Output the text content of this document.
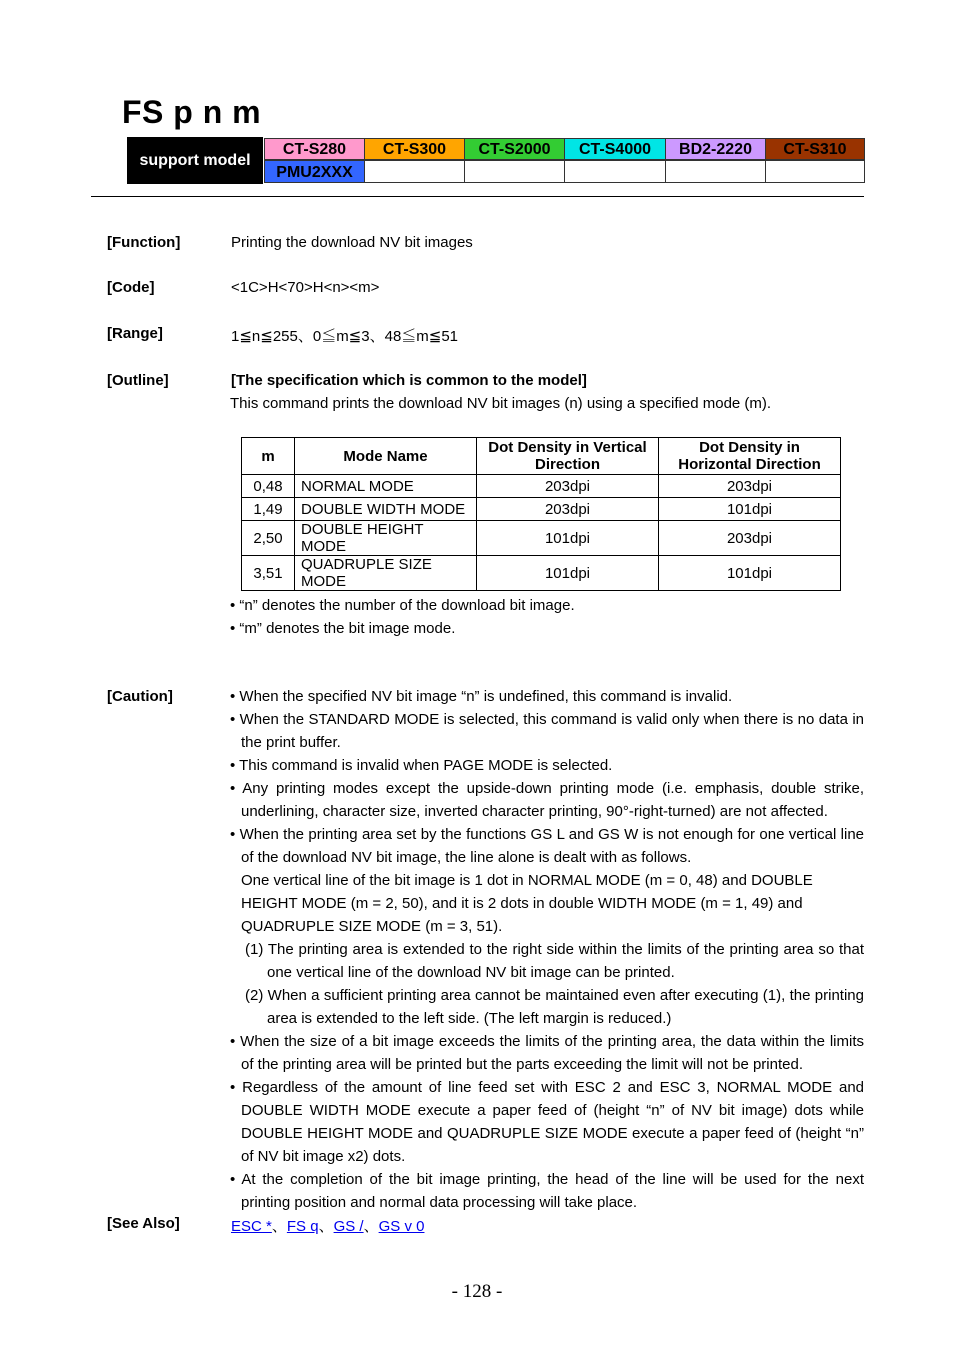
FS p n m
support model
CT-S280	CT-S300	CT-S2000	CT-S4000	BD2-2220	CT-S310
PMU2XXX
[Function]	Printing the download NV bit images
[Code]	<1C>H<70>H<n><m>
[Range]	1≦n≦255、0≦m≦3、48≦m≦51
[Outline]	[The specification which is common to the model]
This command prints the download NV bit images (n) using a specified mode (m).
m	Mode Name	Dot Density in Vertical Direction	Dot Density in Horizontal Direction
0,48	NORMAL MODE	203dpi	203dpi
1,49	DOUBLE WIDTH MODE	203dpi	101dpi
2,50	DOUBLE HEIGHT MODE	101dpi	203dpi
3,51	QUADRUPLE SIZE MODE	101dpi	101dpi
• “n” denotes the number of the download bit image.
• “m” denotes the bit image mode.
[Caution]	• When the specified NV bit image “n” is undefined, this command is invalid.

• When the STANDARD MODE is selected, this command is valid only when there is no data in the print buffer.

• This command is invalid when PAGE MODE is selected.

• Any printing modes except the upside-down printing mode (i.e. emphasis, double strike, underlining, character size, inverted character printing, 90°-right-turned) are not affected.

• When the printing area set by the functions GS L and GS W is not enough for one vertical line of the download NV bit image, the line alone is dealt with as follows.

One vertical line of the bit image is 1 dot in NORMAL MODE (m = 0, 48) and DOUBLE HEIGHT MODE (m = 2, 50), and it is 2 dots in double WIDTH MODE (m = 1, 49) and QUADRUPLE SIZE MODE (m = 3, 51).

(1) The printing area is extended to the right side within the limits of the printing area so that one vertical line of the download NV bit image can be printed.

(2) When a sufficient printing area cannot be maintained even after executing (1), the printing area is extended to the left side. (The left margin is reduced.)

• When the size of a bit image exceeds the limits of the printing area, the data within the limits of the printing area will be printed but the parts exceeding the limit will not be printed.

• Regardless of the amount of line feed set with ESC 2 and ESC 3, NORMAL MODE and DOUBLE WIDTH MODE execute a paper feed of (height “n” of NV bit image) dots while DOUBLE HEIGHT MODE and QUADRUPLE SIZE MODE execute a paper feed of (height “n” of NV bit image x2) dots.

• At the completion of the bit image printing, the head of the line will be used for the next printing position and normal data processing will take place.

[See Also]	ESC *、FS q、GS /、GS v 0
- 128 -
